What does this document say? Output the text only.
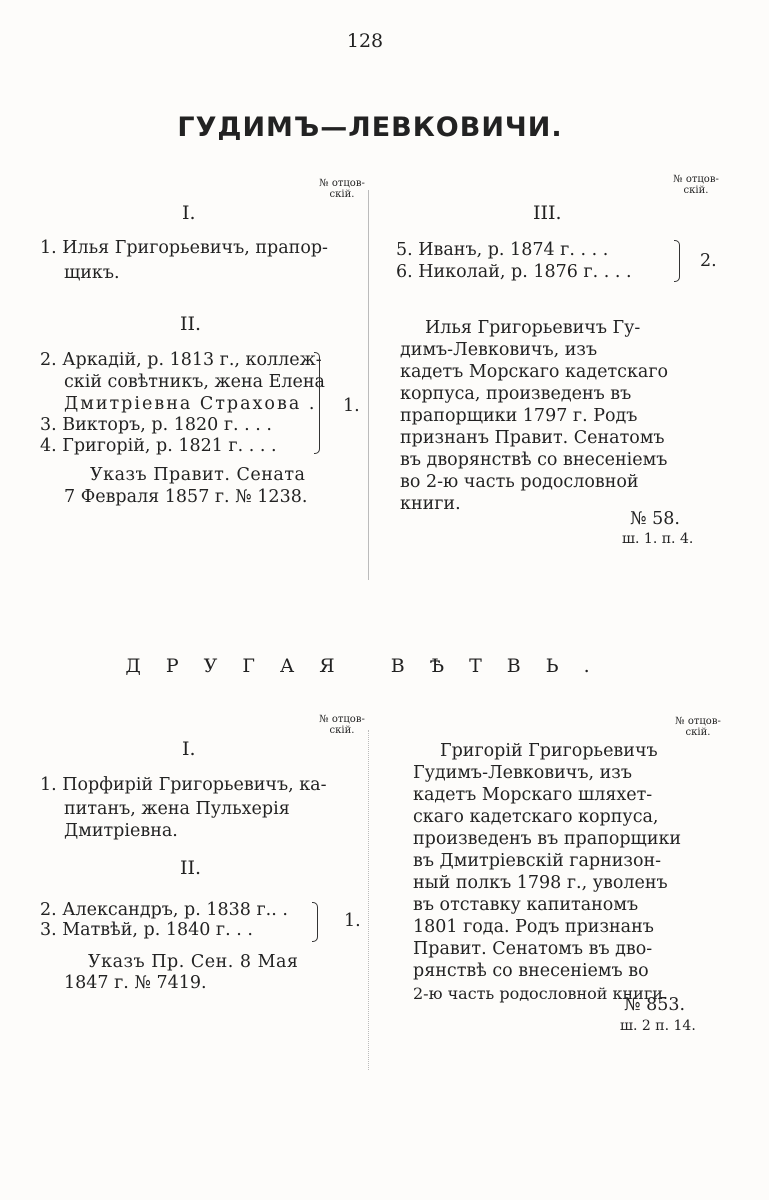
128
ГУДИМЪ—ЛЕВКОВИЧИ.
№ отцов-
скій.
№ отцов-
скій.
I.
1. Илья Григорьевичъ, прапор-
щикъ.
II.
2. Аркадій, р. 1813 г., коллеж-
скій совѣтникъ, жена Елена
Дмитріевна Страхова .
3. Викторъ, р. 1820 г. . . .
4. Григорій, р. 1821 г. . . .
1.
Указъ Правит. Сената
7 Февраля 1857 г. № 1238.
III.
5. Иванъ, р. 1874 г. . . .
6. Николай, р. 1876 г. . . .
2.
Илья Григорьевичъ Гу-
димъ-Левковичъ, изъ
кадетъ Морскаго кадетскаго
корпуса, произведенъ въ
прапорщики 1797 г. Родъ
признанъ Правит. Сенатомъ
въ дворянствѣ со внесеніемъ
во 2-ю часть родословной
книги.
№ 58.
ш. 1. п. 4.
ДРУГАЯ ВѢТВЬ.
№ отцов-
скій.
№ отцов-
скій.
I.
1. Порфирій Григорьевичъ, ка-
питанъ, жена Пульхерія
Дмитріевна.
II.
2. Александръ, р. 1838 г.. .
3. Матвѣй, р. 1840 г. . .	1.
Указъ Пр. Сен. 8 Мая
1847 г. № 7419.
Григорій Григорьевичъ
Гудимъ-Левковичъ, изъ
кадетъ Морскаго шляхет-
скаго кадетскаго корпуса,
произведенъ въ прапорщики
въ Дмитріевскій гарнизон-
ный полкъ 1798 г., уволенъ
въ отставку капитаномъ
1801 года. Родъ признанъ
Правит. Сенатомъ въ дво-
рянствѣ со внесеніемъ во
2-ю часть родословной книги.
№ 853.
ш. 2 п. 14.
